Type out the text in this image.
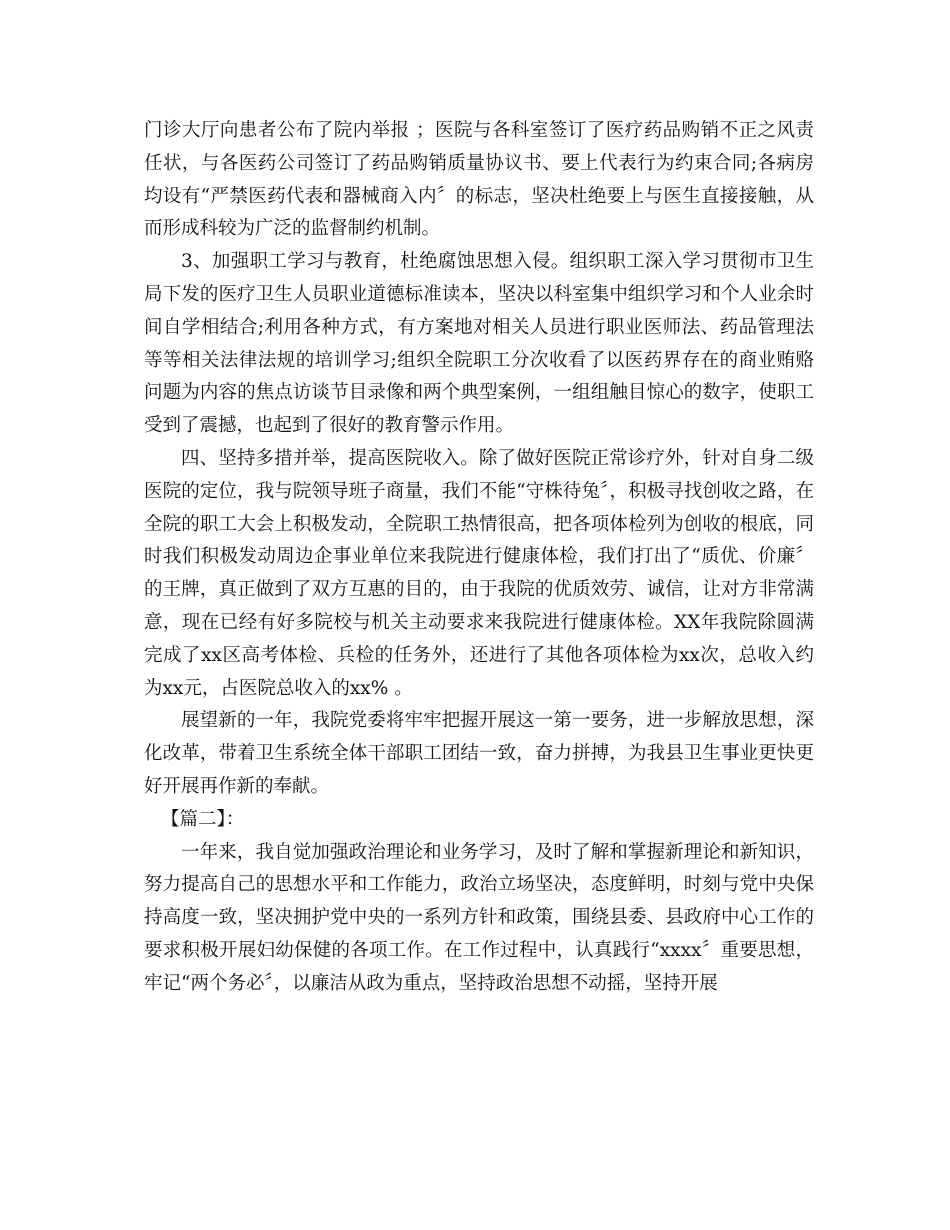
门诊大厅向患者公布了院内举报 ；医院与各科室签订了医疗药品购销不正之风责任状，与各医药公司签订了药品购销质量协议书、要上代表行为约束合同;各病房均设有“严禁医药代表和器械商入内〞的标志，坚决杜绝要上与医生直接接触，从而形成科较为广泛的监督制约机制。

3、加强职工学习与教育，杜绝腐蚀思想入侵。组织职工深入学习贯彻市卫生局下发的医疗卫生人员职业道德标准读本，坚决以科室集中组织学习和个人业余时间自学相结合;利用各种方式，有方案地对相关人员进行职业医师法、药品管理法等等相关法律法规的培训学习;组织全院职工分次收看了以医药界存在的商业贿赂问题为内容的焦点访谈节目录像和两个典型案例，一组组触目惊心的数字，使职工受到了震撼，也起到了很好的教育警示作用。

四、坚持多措并举，提高医院收入。除了做好医院正常诊疗外，针对自身二级医院的定位，我与院领导班子商量，我们不能“守株待兔〞，积极寻找创收之路，在全院的职工大会上积极发动，全院职工热情很高，把各项体检列为创收的根底，同时我们积极发动周边企事业单位来我院进行健康体检，我们打出了“质优、价廉〞的王牌，真正做到了双方互惠的目的，由于我院的优质效劳、诚信，让对方非常满意，现在已经有好多院校与机关主动要求来我院进行健康体检。XX年我院除圆满完成了xx区高考体检、兵检的任务外，还进行了其他各项体检为xx次，总收入约为xx元，占医院总收入的xx% 。

展望新的一年，我院党委将牢牢把握开展这一第一要务，进一步解放思想，深化改革，带着卫生系统全体干部职工团结一致，奋力拼搏，为我县卫生事业更快更好开展再作新的奉献。

【篇二】：

一年来，我自觉加强政治理论和业务学习，及时了解和掌握新理论和新知识，努力提高自己的思想水平和工作能力，政治立场坚决，态度鲜明，时刻与党中央保持高度一致，坚决拥护党中央的一系列方针和政策，围绕县委、县政府中心工作的要求积极开展妇幼保健的各项工作。在工作过程中，认真践行“xxxx〞重要思想，牢记“两个务必〞，以廉洁从政为重点，坚持政治思想不动摇，坚持开展
